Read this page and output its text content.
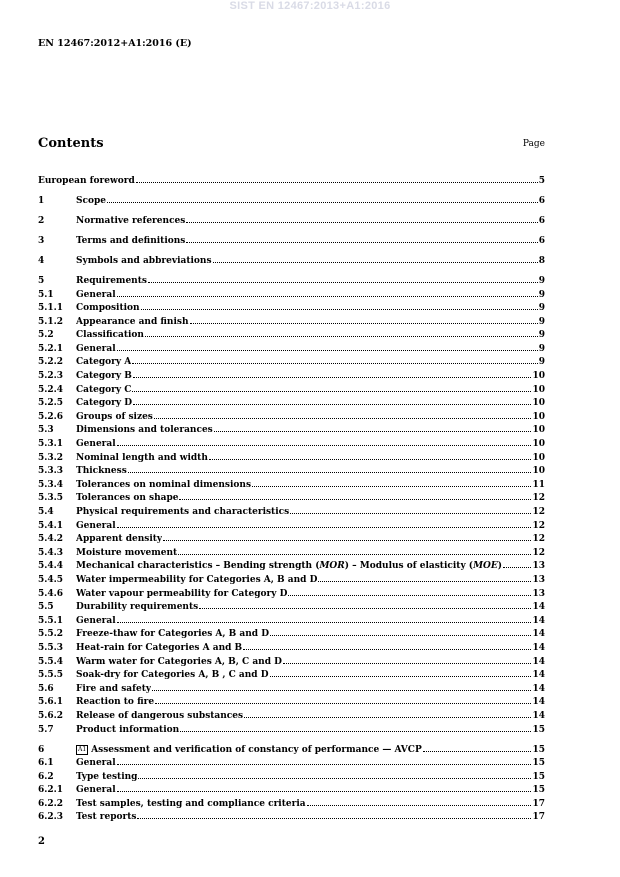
SIST EN 12467:2013+A1:2016
EN 12467:2012+A1:2016 (E)
Contents	Page
European foreword	5
1	Scope	6
2	Normative references	6
3	Terms and definitions	6
4	Symbols and abbreviations	8
5	Requirements	9
5.1	General	9
5.1.1	Composition	9
5.1.2	Appearance and finish	9
5.2	Classification	9
5.2.1	General	9
5.2.2	Category A	9
5.2.3	Category B	10
5.2.4	Category C	10
5.2.5	Category D	10
5.2.6	Groups of sizes	10
5.3	Dimensions and tolerances	10
5.3.1	General	10
5.3.2	Nominal length and width	10
5.3.3	Thickness	10
5.3.4	Tolerances on nominal dimensions	11
5.3.5	Tolerances on shape	12
5.4	Physical requirements and characteristics	12
5.4.1	General	12
5.4.2	Apparent density	12
5.4.3	Moisture movement	12
5.4.4	Mechanical characteristics – Bending strength (MOR) – Modulus of elasticity (MOE)	13
5.4.5	Water impermeability for Categories A, B and D	13
5.4.6	Water vapour permeability for Category D	13
5.5	Durability requirements	14
5.5.1	General	14
5.5.2	Freeze-thaw for Categories A, B and D	14
5.5.3	Heat-rain for Categories A and B	14
5.5.4	Warm water for Categories A, B, C and D	14
5.5.5	Soak-dry for Categories A, B , C and D	14
5.6	Fire and safety	14
5.6.1	Reaction to fire	14
5.6.2	Release of dangerous substances	14
5.7	Product information	15
6	A1 Assessment and verification of constancy of performance — AVCP	15
6.1	General	15
6.2	Type testing	15
6.2.1	General	15
6.2.2	Test samples, testing and compliance criteria	17
6.2.3	Test reports	17
2
